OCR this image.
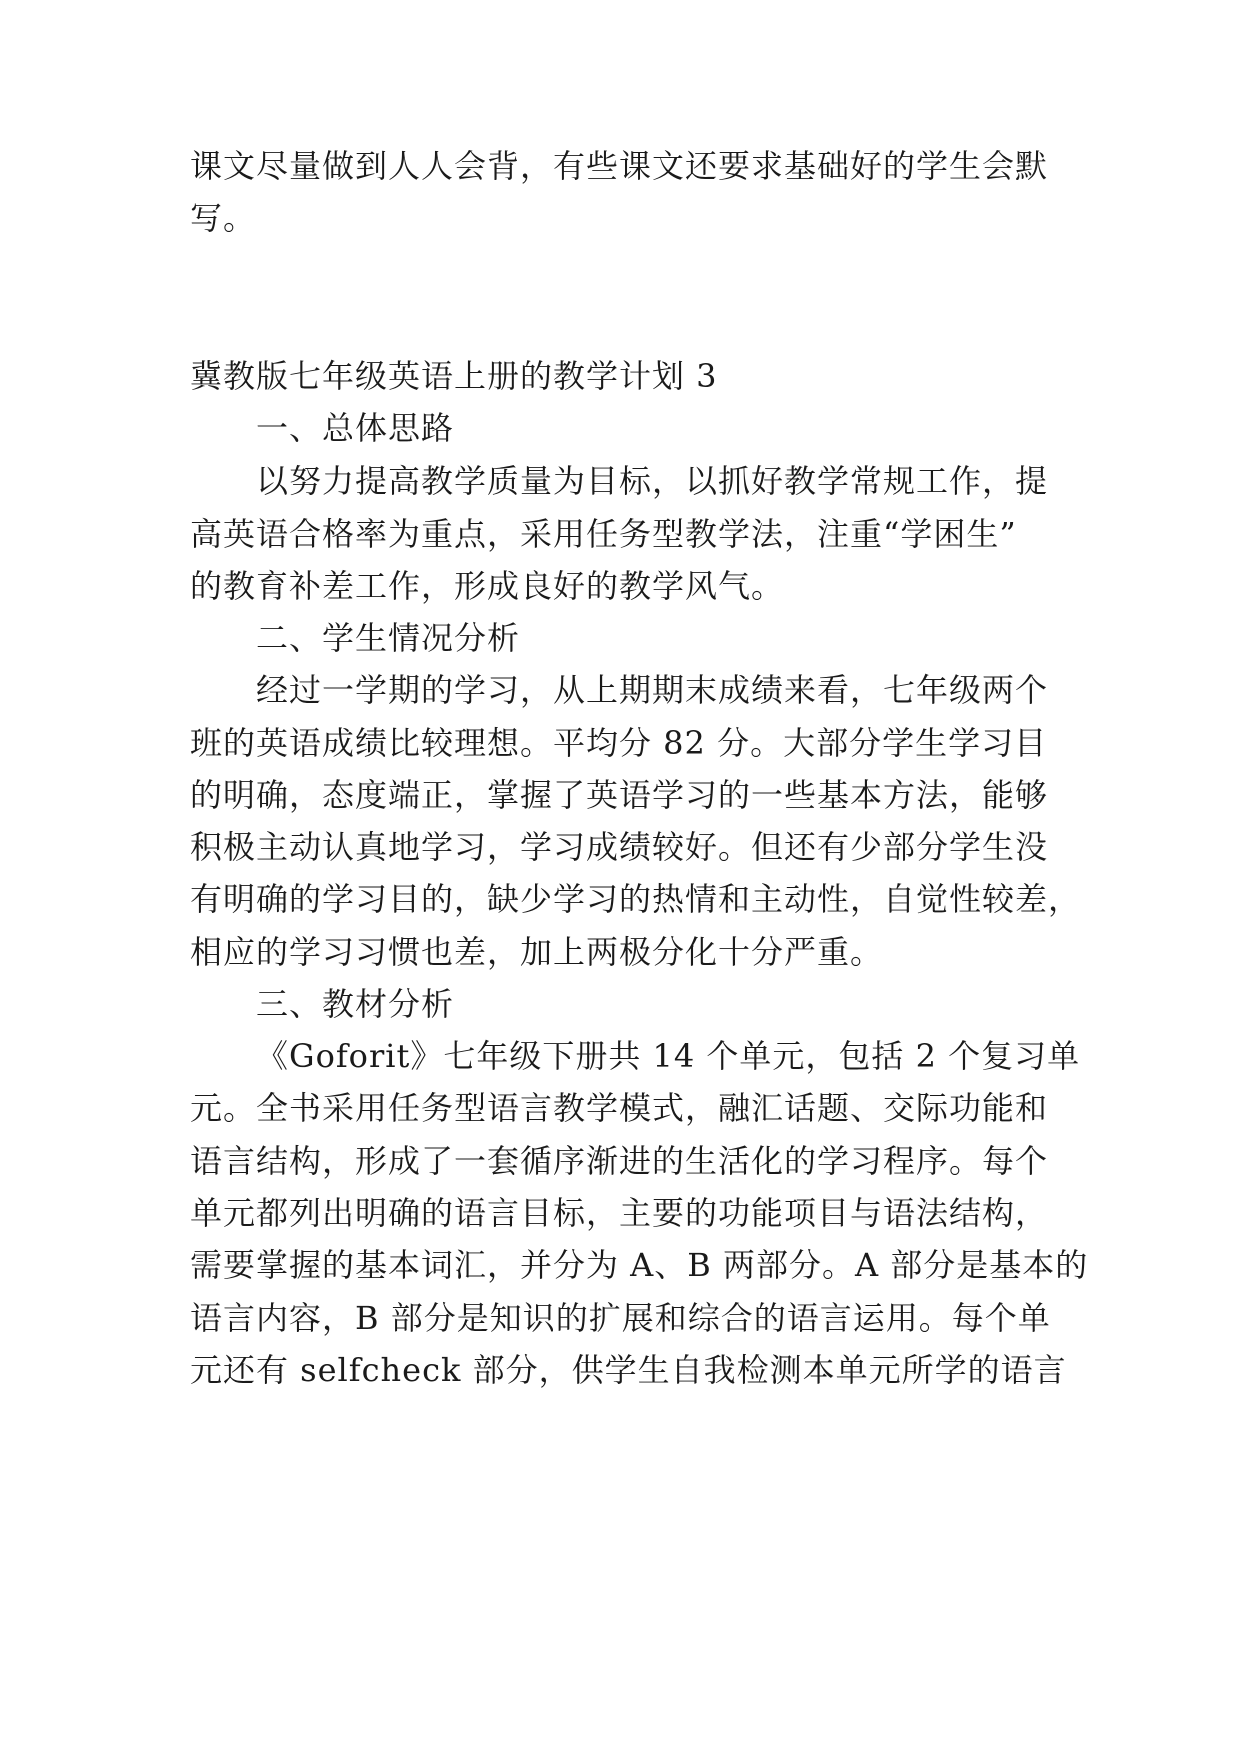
课文尽量做到人人会背，有些课文还要求基础好的学生会默
写。
冀教版七年级英语上册的教学计划 3
一、总体思路
以努力提高教学质量为目标，以抓好教学常规工作，提
高英语合格率为重点，采用任务型教学法，注重“学困生”
的教育补差工作，形成良好的教学风气。
二、学生情况分析
经过一学期的学习，从上期期末成绩来看，七年级两个
班的英语成绩比较理想。平均分 82 分。大部分学生学习目
的明确，态度端正，掌握了英语学习的一些基本方法，能够
积极主动认真地学习，学习成绩较好。但还有少部分学生没
有明确的学习目的，缺少学习的热情和主动性，自觉性较差，
相应的学习习惯也差，加上两极分化十分严重。
三、教材分析
《Goforit》七年级下册共 14 个单元，包括 2 个复习单
元。全书采用任务型语言教学模式，融汇话题、交际功能和
语言结构，形成了一套循序渐进的生活化的学习程序。每个
单元都列出明确的语言目标，主要的功能项目与语法结构，
需要掌握的基本词汇，并分为 A、B 两部分。A 部分是基本的
语言内容，B 部分是知识的扩展和综合的语言运用。每个单
元还有 selfcheck 部分，供学生自我检测本单元所学的语言
